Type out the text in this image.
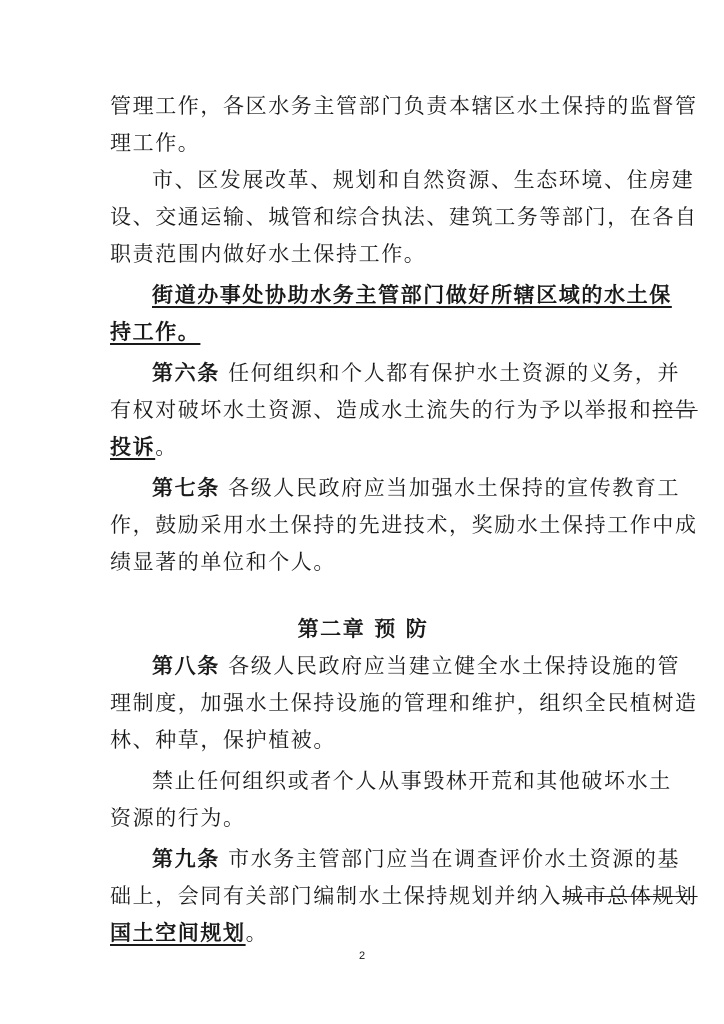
管理工作，各区水务主管部门负责本辖区水土保持的监督管
理工作。
市、区发展改革、规划和自然资源、生态环境、住房建
设、交通运输、城管和综合执法、建筑工务等部门，在各自
职责范围内做好水土保持工作。
街道办事处协助水务主管部门做好所辖区域的水土保
持工作。
第六条 任何组织和个人都有保护水土资源的义务，并
有权对破坏水土资源、造成水土流失的行为予以举报和控告
投诉。
第七条 各级人民政府应当加强水土保持的宣传教育工
作，鼓励采用水土保持的先进技术，奖励水土保持工作中成
绩显著的单位和个人。
第二章 预 防
第八条 各级人民政府应当建立健全水土保持设施的管
理制度，加强水土保持设施的管理和维护，组织全民植树造
林、种草，保护植被。
禁止任何组织或者个人从事毁林开荒和其他破坏水土
资源的行为。
第九条 市水务主管部门应当在调查评价水土资源的基
础上，会同有关部门编制水土保持规划并纳入城市总体规划
国土空间规划。
2
